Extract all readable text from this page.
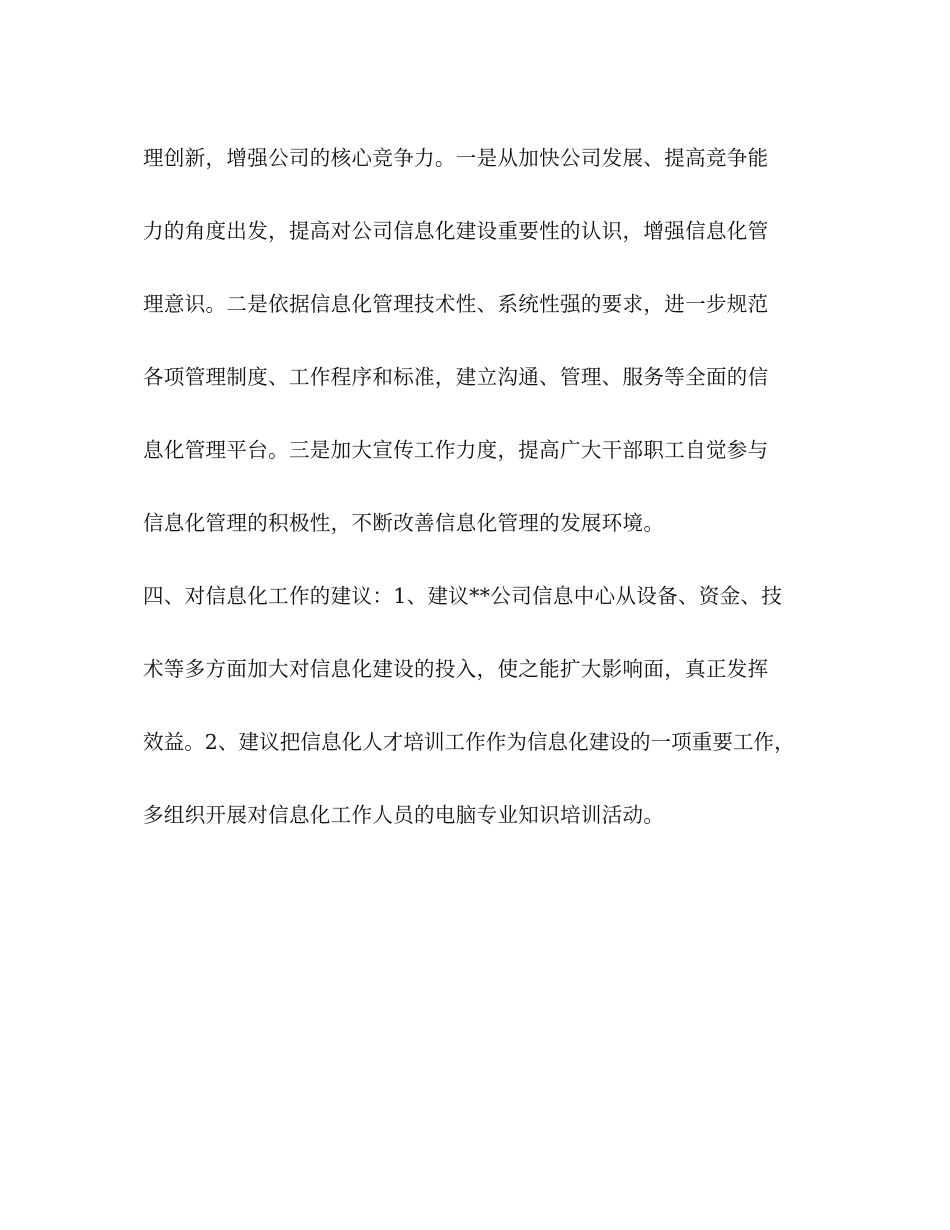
理创新，增强公司的核心竞争力。一是从加快公司发展、提高竞争能
力的角度出发，提高对公司信息化建设重要性的认识，增强信息化管
理意识。二是依据信息化管理技术性、系统性强的要求，进一步规范
各项管理制度、工作程序和标准，建立沟通、管理、服务等全面的信
息化管理平台。三是加大宣传工作力度，提高广大干部职工自觉参与
信息化管理的积极性，不断改善信息化管理的发展环境。
四、对信息化工作的建议：1、建议**公司信息中心从设备、资金、技
术等多方面加大对信息化建设的投入，使之能扩大影响面，真正发挥
效益。2、建议把信息化人才培训工作作为信息化建设的一项重要工作，
多组织开展对信息化工作人员的电脑专业知识培训活动。
